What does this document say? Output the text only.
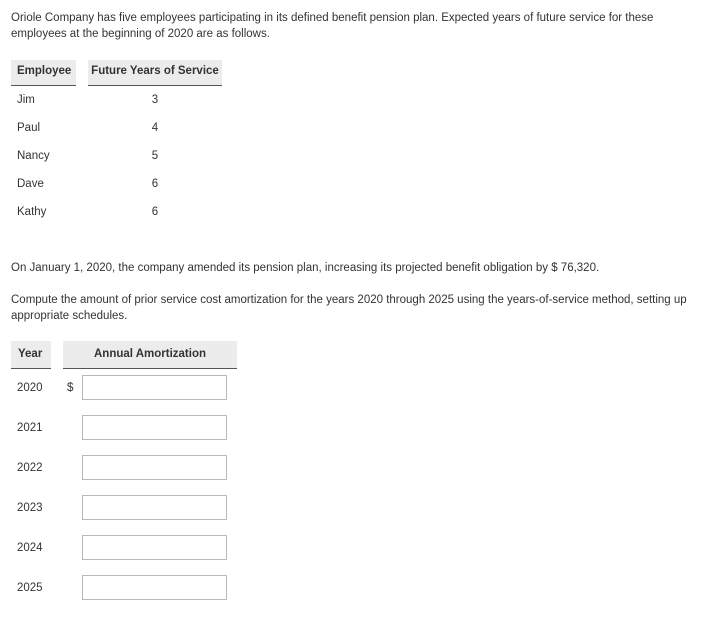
Oriole Company has five employees participating in its defined benefit pension plan. Expected years of future service for these employees at the beginning of 2020 are as follows.

Employee	Future Years of Service
Jim	3
Paul	4
Nancy	5
Dave	6
Kathy	6

On January 1, 2020, the company amended its pension plan, increasing its projected benefit obligation by $ 76,320.

Compute the amount of prior service cost amortization for the years 2020 through 2025 using the years-of-service method, setting up appropriate schedules.

Year	Annual Amortization
2020 $
2021
2022
2023
2024
2025
